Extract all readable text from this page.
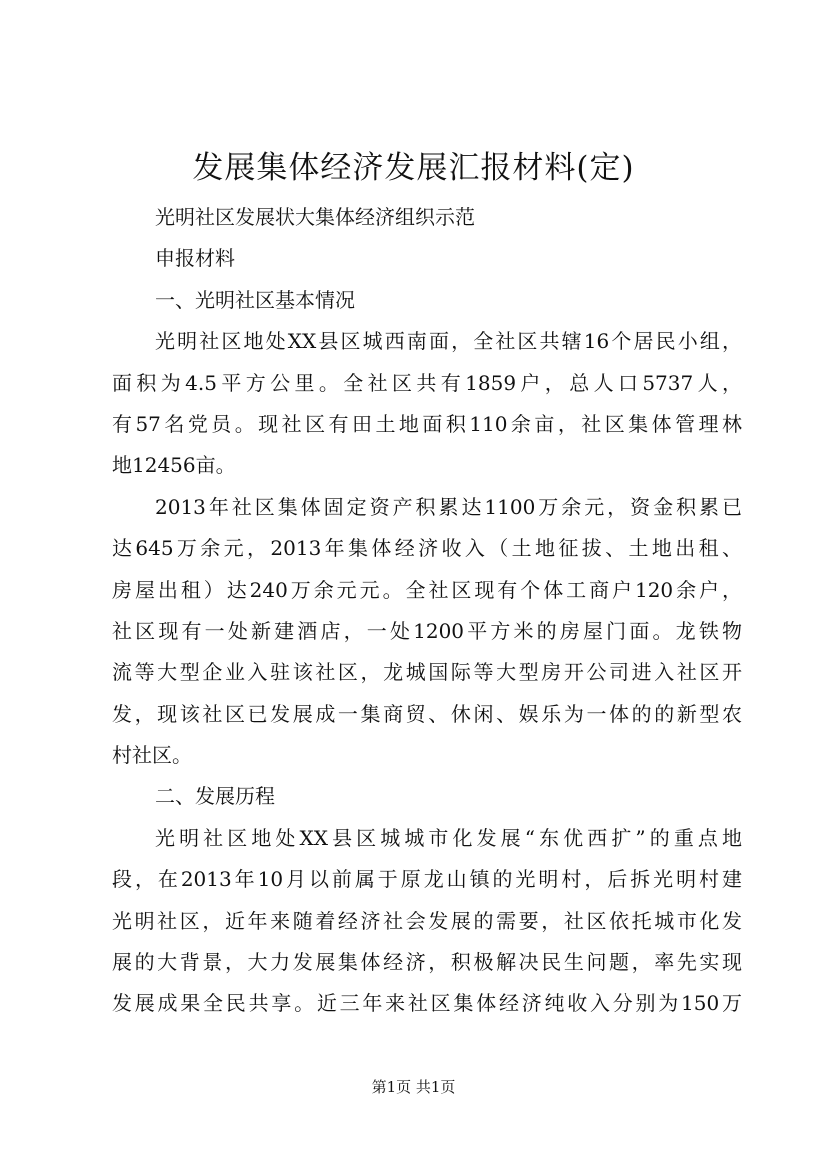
发展集体经济发展汇报材料(定)
光明社区发展状大集体经济组织示范
申报材料
一、光明社区基本情况
光明社区地处XX县区城西南面，全社区共辖16个居民小组，
面积为4.5平方公里。全社区共有1859户，总人口5737人，
有57名党员。现社区有田土地面积110余亩，社区集体管理林
地12456亩。
2013年社区集体固定资产积累达1100万余元，资金积累已
达645万余元，2013年集体经济收入（土地征拔、土地出租、
房屋出租）达240万余元元。全社区现有个体工商户120余户，
社区现有一处新建酒店，一处1200平方米的房屋门面。龙铁物
流等大型企业入驻该社区，龙城国际等大型房开公司进入社区开
发，现该社区已发展成一集商贸、休闲、娱乐为一体的的新型农
村社区。
二、发展历程
光明社区地处XX县区城城市化发展“东优西扩”的重点地
段，在2013年10月以前属于原龙山镇的光明村，后拆光明村建
光明社区，近年来随着经济社会发展的需要，社区依托城市化发
展的大背景，大力发展集体经济，积极解决民生问题，率先实现
发展成果全民共享。近三年来社区集体经济纯收入分别为150万
第1页 共1页
